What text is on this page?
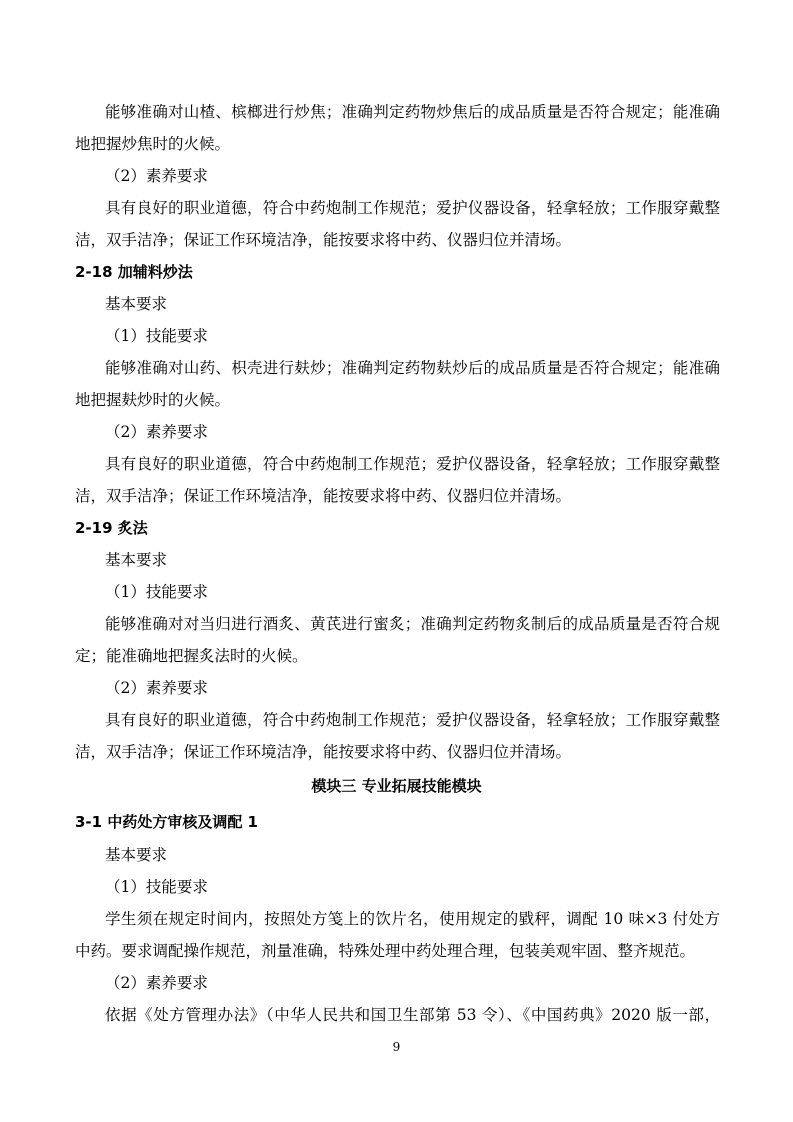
能够准确对山楂、槟榔进行炒焦；准确判定药物炒焦后的成品质量是否符合规定；能准确

地把握炒焦时的火候。

（2）素养要求

具有良好的职业道德，符合中药炮制工作规范；爱护仪器设备，轻拿轻放；工作服穿戴整

洁，双手洁净；保证工作环境洁净，能按要求将中药、仪器归位并清场。

2-18 加辅料炒法

基本要求

（1）技能要求

能够准确对山药、枳壳进行麸炒；准确判定药物麸炒后的成品质量是否符合规定；能准确

地把握麸炒时的火候。

（2）素养要求

具有良好的职业道德，符合中药炮制工作规范；爱护仪器设备，轻拿轻放；工作服穿戴整

洁，双手洁净；保证工作环境洁净，能按要求将中药、仪器归位并清场。

2-19 炙法

基本要求

（1）技能要求

能够准确对对当归进行酒炙、黄芪进行蜜炙；准确判定药物炙制后的成品质量是否符合规

定；能准确地把握炙法时的火候。

（2）素养要求

具有良好的职业道德，符合中药炮制工作规范；爱护仪器设备，轻拿轻放；工作服穿戴整

洁，双手洁净；保证工作环境洁净，能按要求将中药、仪器归位并清场。

模块三 专业拓展技能模块

3-1 中药处方审核及调配 1

基本要求

（1）技能要求

学生须在规定时间内，按照处方笺上的饮片名，使用规定的戥秤，调配 10 味×3 付处方

中药。要求调配操作规范，剂量准确，特殊处理中药处理合理，包装美观牢固、整齐规范。

（2）素养要求

依据《处方管理办法》（中华人民共和国卫生部第 53 令）、《中国药典》2020 版一部，

9
